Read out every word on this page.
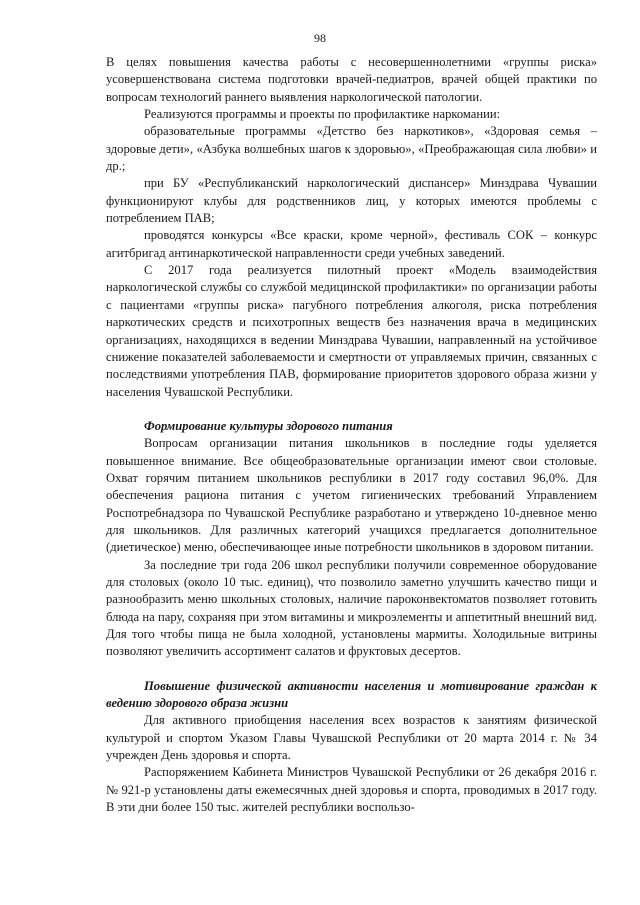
98

В целях повышения качества работы с несовершеннолетними «группы риска» усовершенствована система подготовки врачей-педиатров, врачей общей практики по вопросам технологий раннего выявления наркологической патологии.

Реализуются программы и проекты по профилактике наркомании:

образовательные программы «Детство без наркотиков», «Здоровая семья – здоровые дети», «Азбука волшебных шагов к здоровью», «Преображающая сила любви» и др.;

при БУ «Республиканский наркологический диспансер» Минздрава Чувашии функционируют клубы для родственников лиц, у которых имеются проблемы с потреблением ПАВ;

проводятся конкурсы «Все краски, кроме черной», фестиваль СОК – конкурс агитбригад антинаркотической направленности среди учебных заведений.

С 2017 года реализуется пилотный проект «Модель взаимодействия наркологической службы со службой медицинской профилактики» по организации работы с пациентами «группы риска» пагубного потребления алкоголя, риска потребления наркотических средств и психотропных веществ без назначения врача в медицинских организациях, находящихся в ведении Минздрава Чувашии, направленный на устойчивое снижение показателей заболеваемости и смертности от управляемых причин, связанных с последствиями употребления ПАВ, формирование приоритетов здорового образа жизни у населения Чувашской Республики.

Формирование культуры здорового питания

Вопросам организации питания школьников в последние годы уделяется повышенное внимание. Все общеобразовательные организации имеют свои столовые. Охват горячим питанием школьников республики в 2017 году составил 96,0%. Для обеспечения рациона питания с учетом гигиенических требований Управлением Роспотребнадзора по Чувашской Республике разработано и утверждено 10-дневное меню для школьников. Для различных категорий учащихся предлагается дополнительное (диетическое) меню, обеспечивающее иные потребности школьников в здоровом питании.

За последние три года 206 школ республики получили современное оборудование для столовых (около 10 тыс. единиц), что позволило заметно улучшить качество пищи и разнообразить меню школьных столовых, наличие пароконвектоматов позволяет готовить блюда на пару, сохраняя при этом витамины и микроэлементы и аппетитный внешний вид. Для того чтобы пища не была холодной, установлены мармиты. Холодильные витрины позволяют увеличить ассортимент салатов и фруктовых десертов.

Повышение физической активности населения и мотивирование граждан к ведению здорового образа жизни

Для активного приобщения населения всех возрастов к занятиям физической культурой и спортом Указом Главы Чувашской Республики от 20 марта 2014 г. № 34 учрежден День здоровья и спорта.

Распоряжением Кабинета Министров Чувашской Республики от 26 декабря 2016 г. № 921-р установлены даты ежемесячных дней здоровья и спорта, проводимых в 2017 году. В эти дни более 150 тыс. жителей республики воспользо-
